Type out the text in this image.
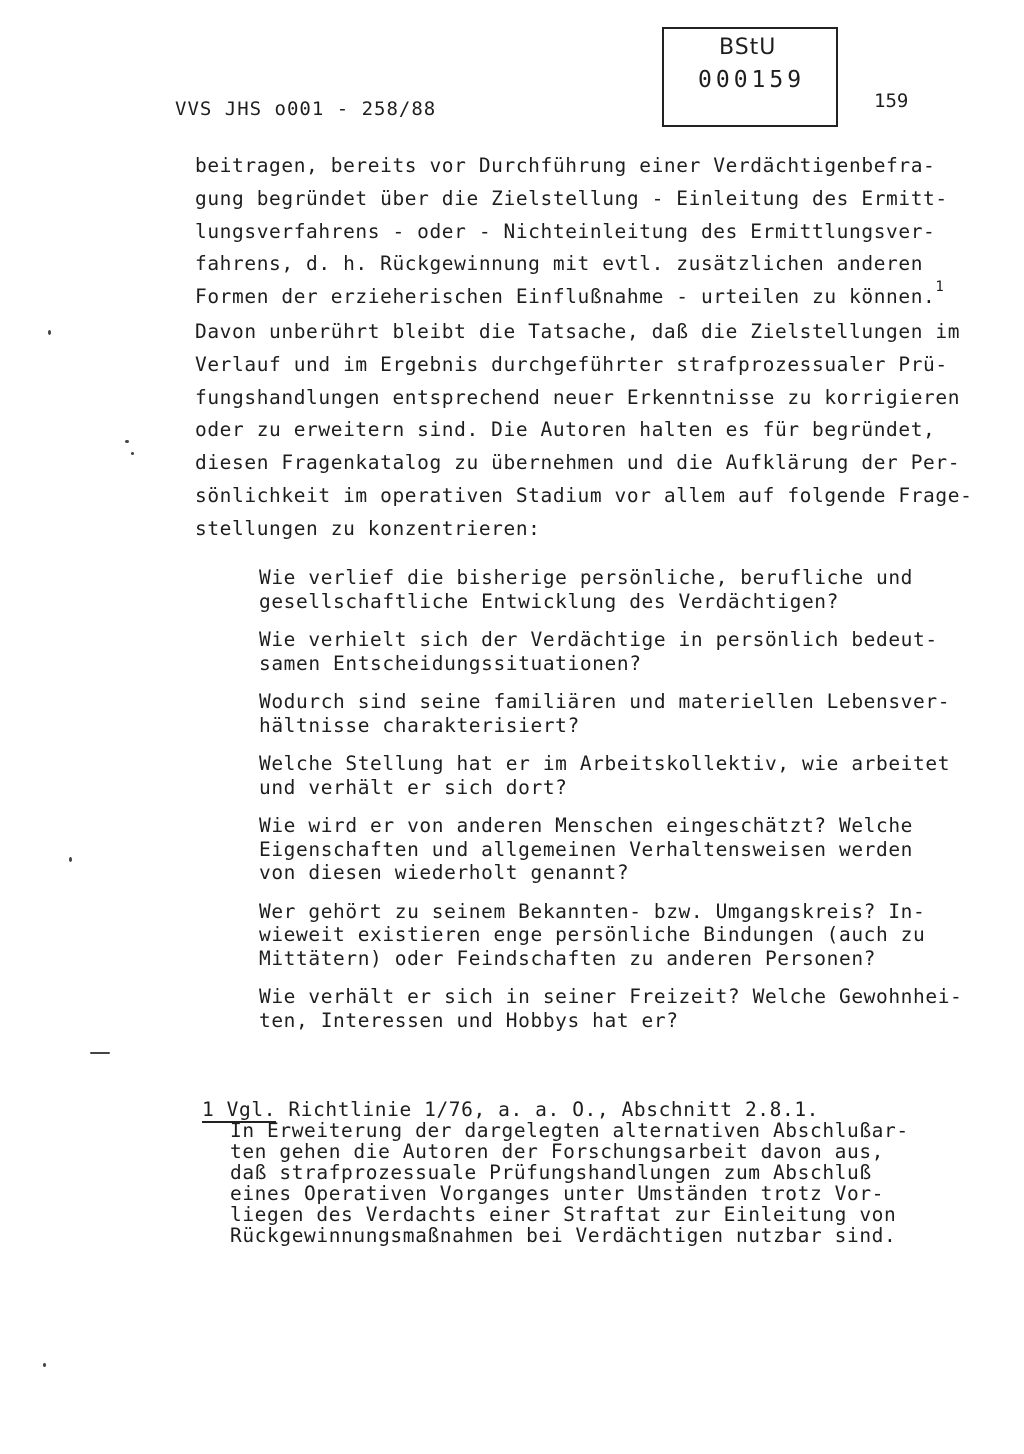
VVS JHS o001 - 258/88
BStU
000159
159
beitragen, bereits vor Durchführung einer Verdächtigenbefra-
gung begründet über die Zielstellung - Einleitung des Ermitt-
lungsverfahrens - oder - Nichteinleitung des Ermittlungsver-
fahrens, d. h. Rückgewinnung mit evtl. zusätzlichen anderen
Formen der erzieherischen Einflußnahme - urteilen zu können.$^1$
Davon unberührt bleibt die Tatsache, daß die Zielstellungen im
Verlauf und im Ergebnis durchgeführter strafprozessualer Prü-
fungshandlungen entsprechend neuer Erkenntnisse zu korrigieren
oder zu erweitern sind. Die Autoren halten es für begründet,
diesen Fragenkatalog zu übernehmen und die Aufklärung der Per-
sönlichkeit im operativen Stadium vor allem auf folgende Frage-
stellungen zu konzentrieren:
Wie verlief die bisherige persönliche, berufliche und
gesellschaftliche Entwicklung des Verdächtigen?
Wie verhielt sich der Verdächtige in persönlich bedeut-
samen Entscheidungssituationen?
Wodurch sind seine familiären und materiellen Lebensver-
hältnisse charakterisiert?
Welche Stellung hat er im Arbeitskollektiv, wie arbeitet
und verhält er sich dort?
Wie wird er von anderen Menschen eingeschätzt? Welche
Eigenschaften und allgemeinen Verhaltensweisen werden
von diesen wiederholt genannt?
Wer gehört zu seinem Bekannten- bzw. Umgangskreis? In-
wieweit existieren enge persönliche Bindungen (auch zu
Mittätern) oder Feindschaften zu anderen Personen?
Wie verhält er sich in seiner Freizeit? Welche Gewohnhei-
ten, Interessen und Hobbys hat er?
1 Vgl. Richtlinie 1/76, a. a. O., Abschnitt 2.8.1.
In Erweiterung der dargelegten alternativen Abschlußar-
ten gehen die Autoren der Forschungsarbeit davon aus,
daß strafprozessuale Prüfungshandlungen zum Abschluß
eines Operativen Vorganges unter Umständen trotz Vor-
liegen des Verdachts einer Straftat zur Einleitung von
Rückgewinnungsmaßnahmen bei Verdächtigen nutzbar sind.
